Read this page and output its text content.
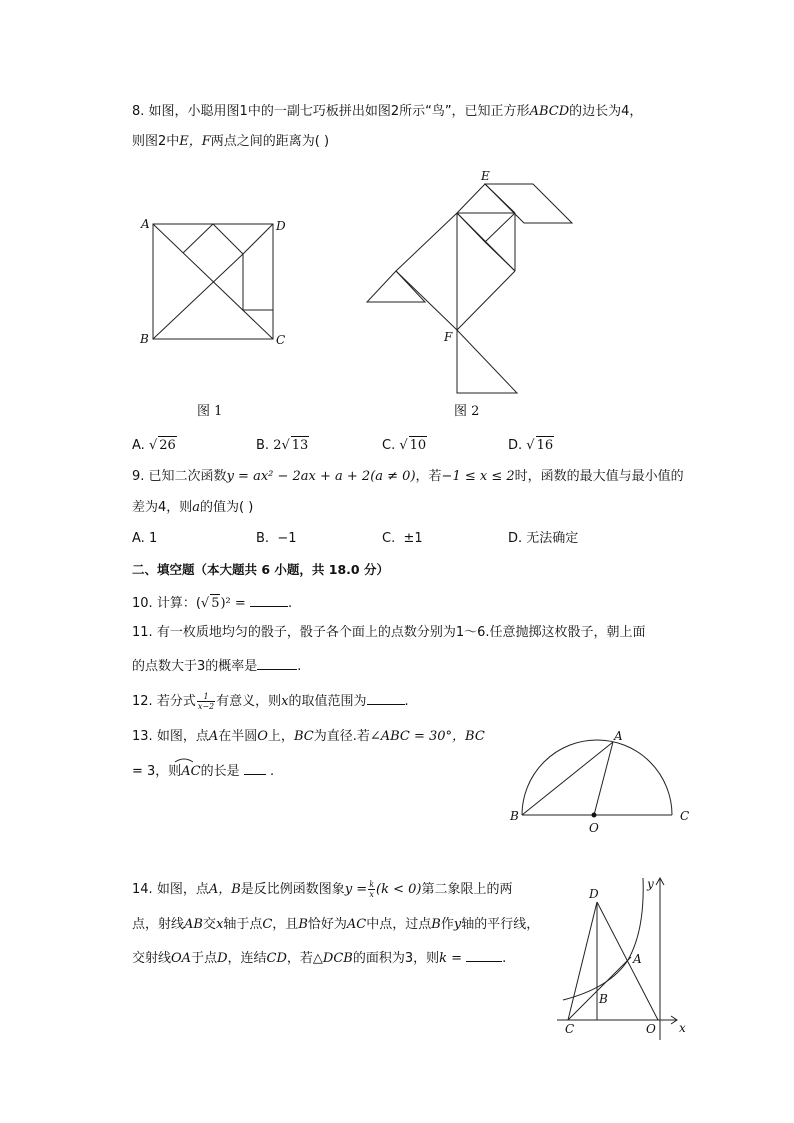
8. 如图，小聪用图1中的一副七巧板拼出如图2所示“鸟”，已知正方形ABCD的边长为4，
则图2中E，F两点之间的距离为( )
A	D
B	C
图 1
E
F
图 2
A. √ 26	B. 2√ 13	C. √ 10	D. √ 16
9. 已知二次函数y = ax² − 2ax + a + 2(a ≠ 0)，若−1 ≤ x ≤ 2时，函数的最大值与最小值的
差为4，则a的值为( )
A. 1	B. −1	C. ±1	D. 无法确定
二、填空题（本大题共 6 小题，共 18.0 分）
10. 计算：(√ 5)² =	.
11. 有一枚质地均匀的骰子，骰子各个面上的点数分别为1～6.任意抛掷这枚骰子，朝上面
的点数大于3的概率是	.
12. 若分式 $\frac{1}{x-2}$ 有意义，则x的取值范围为	.
13. 如图，点A在半圆O上，BC为直径.若∠ABC = 30°，BC
= 3，则AC的长是 .
A
B	C
O
14. 如图，点A，B是反比例函数图象$y = \frac{k}{x} (k < 0)$第二象限上的两
点，射线AB交x轴于点C，且B恰好为AC中点，过点B作y轴的平行线，
交射线OA于点D，连结CD，若△DCB的面积为3，则k =	.
D
A
B
C	O x
y
